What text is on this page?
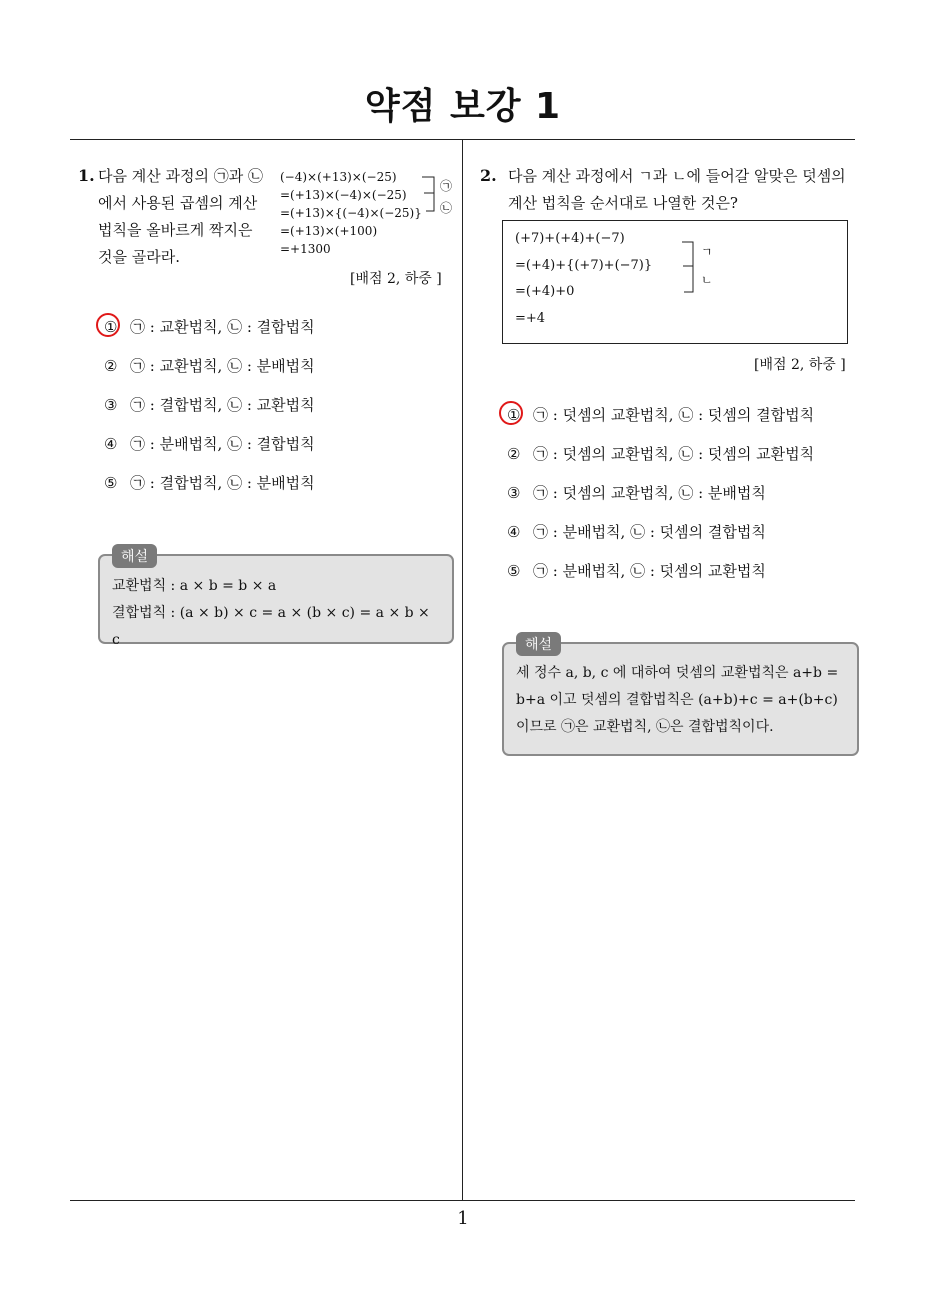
약점 보강 1
1
1. 다음 계산 과정의 ㉠과 ㉡에서 사용된 곱셈의 계산 법칙을 올바르게 짝지은 것을 골라라.
(−4)×(+13)×(−25)
=(+13)×(−4)×(−25)
=(+13)×{(−4)×(−25)}
=(+13)×(+100)
=+1300
㉠
㉡
[배점 2, 하중 ]
① ㉠ : 교환법칙, ㉡ : 결합법칙
② ㉠ : 교환법칙, ㉡ : 분배법칙
③ ㉠ : 결합법칙, ㉡ : 교환법칙
④ ㉠ : 분배법칙, ㉡ : 결합법칙
⑤ ㉠ : 결합법칙, ㉡ : 분배법칙
해설
교환법칙 : a × b = b × a
결합법칙 : (a × b) × c = a × (b × c) = a × b × c
2. 다음 계산 과정에서 ㄱ과 ㄴ에 들어갈 알맞은 덧셈의 계산 법칙을 순서대로 나열한 것은?
(+7)+(+4)+(−7)
=(+4)+{(+7)+(−7)}
=(+4)+0
=+4
ㄱ
ㄴ
[배점 2, 하중 ]
① ㉠ : 덧셈의 교환법칙, ㉡ : 덧셈의 결합법칙
② ㉠ : 덧셈의 교환법칙, ㉡ : 덧셈의 교환법칙
③ ㉠ : 덧셈의 교환법칙, ㉡ : 분배법칙
④ ㉠ : 분배법칙, ㉡ : 덧셈의 결합법칙
⑤ ㉠ : 분배법칙, ㉡ : 덧셈의 교환법칙
해설
세 정수 a, b, c 에 대하여 덧셈의 교환법칙은 a+b = b+a 이고 덧셈의 결합법칙은 (a+b)+c = a+(b+c) 이므로 ㉠은 교환법칙, ㉡은 결합법칙이다.
